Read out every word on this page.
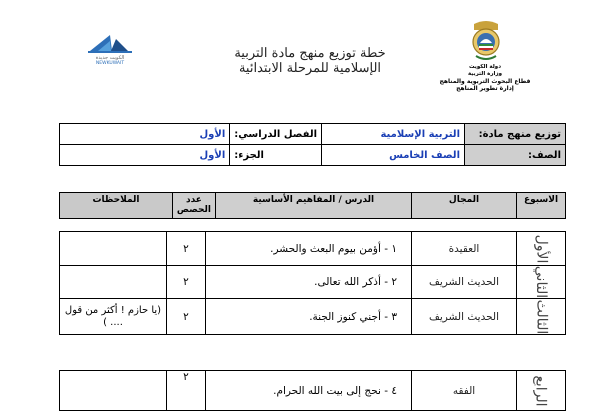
الكويت جديدة
NEWKUWAIT
خطة توزيع منهج مادة التربية
الإسلامية للمرحلة الابتدائية	دولة الكويت
وزارة التربية
قطاع البحوث التربوية والمناهج
إدارة تطوير المناهج
توزيع منهج مادة:	التربية الإسلامية	الفصل الدراسي:	الأول
الصف:	الصف الخامس	الجزء:	الأول
الاسبوع	المجال	الدرس / المفاهيم الأساسية	عدد الحصص	الملاحظات
الأول	العقيدة	١ - أؤمن بيوم البعث والحشر.	٢	
الثاني	الحديث الشريف	٢ - أذكر الله تعالى.	٢	
الثالث	الحديث الشريف	٣ - أجني كنوز الجنة.	٢	(يا حازم ! أكثر من قول .... )
الرابع	الفقه	٤ - نحج إلى بيت الله الحرام.	٢	
